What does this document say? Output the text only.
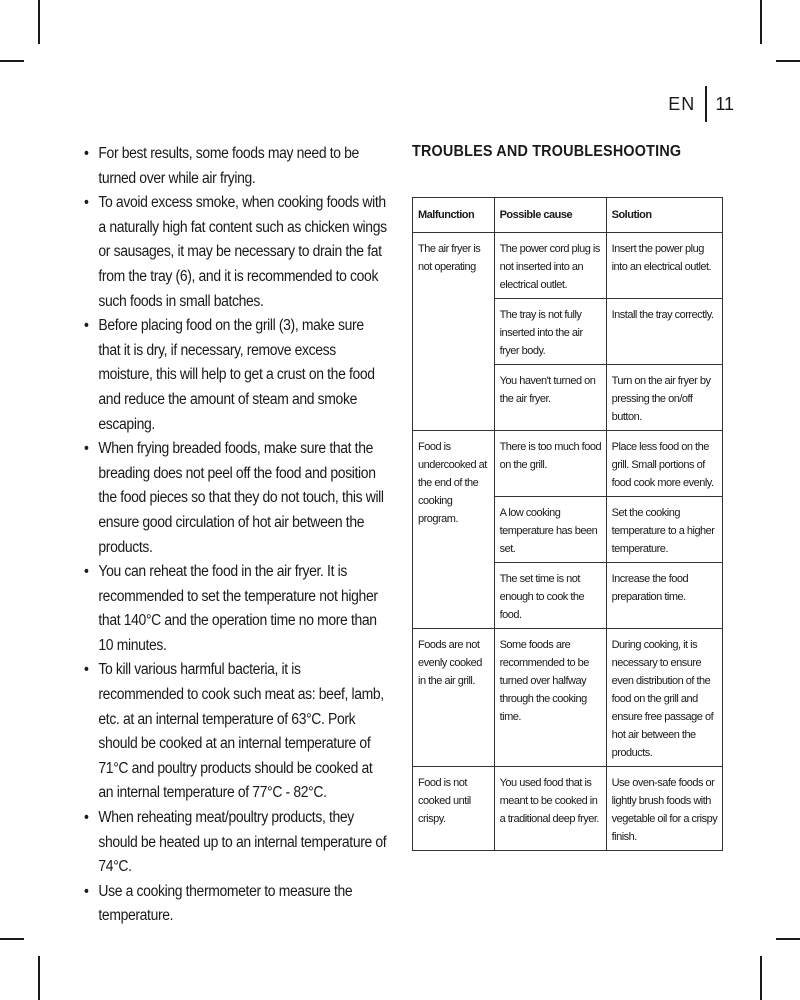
EN 11
• For best results, some foods may need to be turned over while air frying.
• To avoid excess smoke, when cooking foods with a naturally high fat content such as chicken wings or sausages, it may be necessary to drain the fat from the tray (6), and it is recommended to cook such foods in small batches.
• Before placing food on the grill (3), make sure that it is dry, if necessary, remove excess moisture, this will help to get a crust on the food and reduce the amount of steam and smoke escaping.
• When frying breaded foods, make sure that the breading does not peel off the food and position the food pieces so that they do not touch, this will ensure good circulation of hot air between the products.
• You can reheat the food in the air fryer. It is recommended to set the temperature not higher that 140°C and the operation time no more than 10 minutes.
• To kill various harmful bacteria, it is recommended to cook such meat as: beef, lamb, etc. at an internal temperature of 63°C. Pork should be cooked at an internal temperature of 71°C and poultry products should be cooked at an internal temperature of 77°C - 82°C.
• When reheating meat/poultry products, they should be heated up to an internal temperature of 74°C.
• Use a cooking thermometer to measure the temperature.
TROUBLES AND TROUBLESHOOTING
Malfunction	Possible cause	Solution
The air fryer is not operating	The power cord plug is not inserted into an electrical outlet.	Insert the power plug into an electrical outlet.
	The tray is not fully inserted into the air fryer body.	Install the tray correctly.
	You haven't turned on the air fryer.	Turn on the air fryer by pressing the on/off button.
Food is undercooked at the end of the cooking program.	There is too much food on the grill.	Place less food on the grill. Small portions of food cook more evenly.
	A low cooking temperature has been set.	Set the cooking temperature to a higher temperature.
	The set time is not enough to cook the food.	Increase the food preparation time.
Foods are not evenly cooked in the air grill.	Some foods are recommended to be turned over halfway through the cooking time.	During cooking, it is necessary to ensure even distribution of the food on the grill and ensure free passage of hot air between the products.
Food is not cooked until crispy.	You used food that is meant to be cooked in a traditional deep fryer.	Use oven-safe foods or lightly brush foods with vegetable oil for a crispy finish.
